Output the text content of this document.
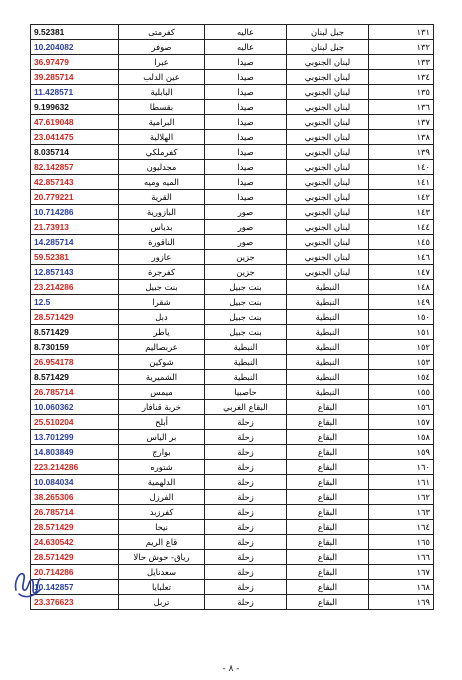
9.52381	كفرمتى	عاليه	جبل لبنان	١٣١
10.204082	صوفر	عاليه	جبل لبنان	١٣٢
36.97479	عبرا	صيدا	لبنان الجنوبي	١٣٣
39.285714	عين الدلب	صيدا	لبنان الجنوبي	١٣٤
11.428571	البابلية	صيدا	لبنان الجنوبي	١٣٥
9.199632	بقسطا	صيدا	لبنان الجنوبي	١٣٦
47.619048	البرامية	صيدا	لبنان الجنوبي	١٣٧
23.041475	الهلالية	صيدا	لبنان الجنوبي	١٣٨
8.035714	كفرملكي	صيدا	لبنان الجنوبي	١٣٩
82.142857	مجدليون	صيدا	لبنان الجنوبي	١٤٠
42.857143	الميه وميه	صيدا	لبنان الجنوبي	١٤١
20.779221	القرية	صيدا	لبنان الجنوبي	١٤٢
10.714286	البازورية	صور	لبنان الجنوبي	١٤٣
21.73913	بدياس	صور	لبنان الجنوبي	١٤٤
14.285714	الناقورة	صور	لبنان الجنوبي	١٤٥
59.52381	عازور	جزين	لبنان الجنوبي	١٤٦
12.857143	كفرجرة	جزين	لبنان الجنوبي	١٤٧
23.214286	بنت جبيل	بنت جبيل	النبطية	١٤٨
12.5	شقرا	بنت جبيل	النبطية	١٤٩
28.571429	دبل	بنت جبيل	النبطية	١٥٠
8.571429	ياطر	بنت جبيل	النبطية	١٥١
8.730159	عربصاليم	النبطية	النبطية	١٥٢
26.954178	شوكين	النبطية	النبطية	١٥٣
8.571429	الشميرية	النبطية	النبطية	١٥٤
26.785714	ميمس	حاصبيا	النبطية	١٥٥
10.060362	خربة قنافار	البقاع الغربي	البقاع	١٥٦
25.510204	أبلح	زحلة	البقاع	١٥٧
13.701299	بر الياس	زحلة	البقاع	١٥٨
14.803849	بوارج	زحلة	البقاع	١٥٩
223.214286	شتوره	زحلة	البقاع	١٦٠
10.084034	الدلهمية	زحلة	البقاع	١٦١
38.265306	الفرزل	زحلة	البقاع	١٦٢
26.785714	كفرزبد	زحلة	البقاع	١٦٣
28.571429	نيحا	زحلة	البقاع	١٦٤
24.630542	قاع الريم	زحلة	البقاع	١٦٥
28.571429	رياق- حوش حالا	زحلة	البقاع	١٦٦
20.714286	سعدنايل	زحلة	البقاع	١٦٧
10.142857	تعلبايا	زحلة	البقاع	١٦٨
23.376623	تربل	زحلة	البقاع	١٦٩
- ٨ -
